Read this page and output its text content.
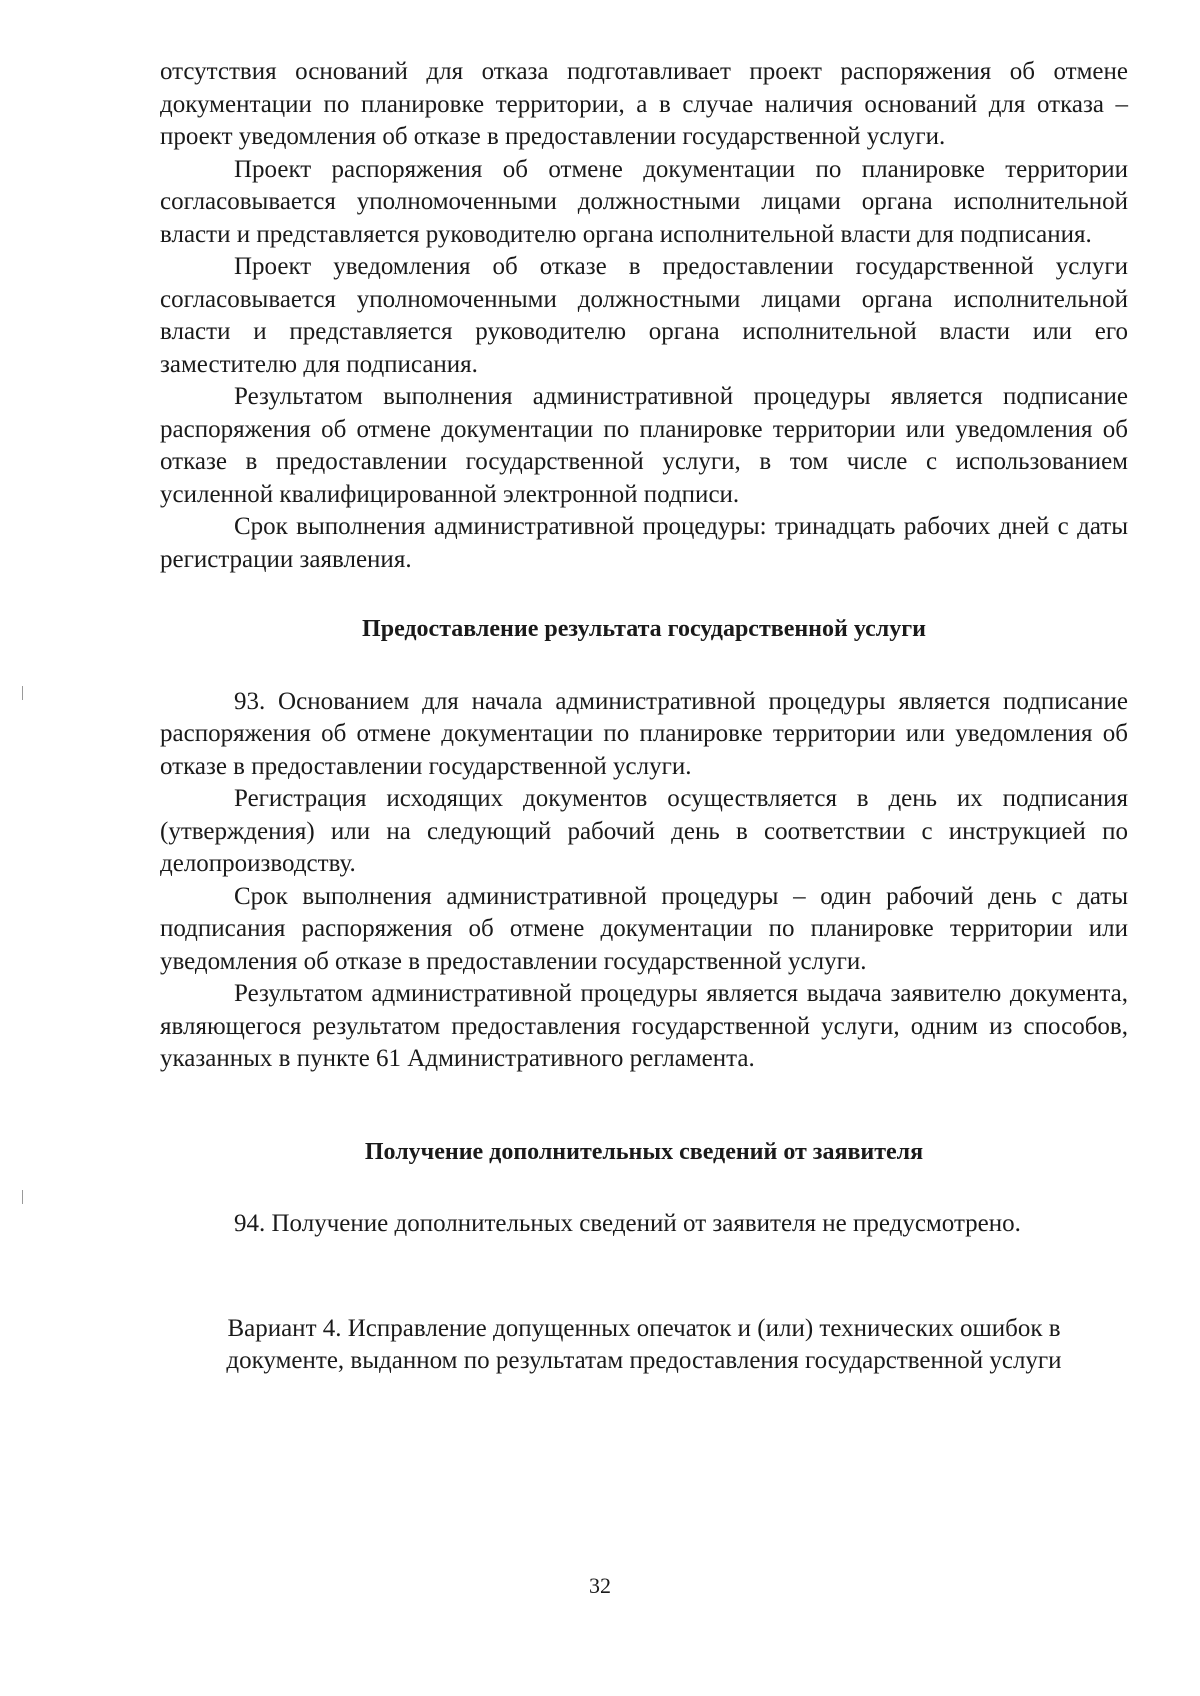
отсутствия оснований для отказа подготавливает проект распоряжения об отмене документации по планировке территории, а в случае наличия оснований для отказа – проект уведомления об отказе в предоставлении государственной услуги.

Проект распоряжения об отмене документации по планировке территории согласовывается уполномоченными должностными лицами органа исполнительной власти и представляется руководителю органа исполнительной власти для подписания.

Проект уведомления об отказе в предоставлении государственной услуги согласовывается уполномоченными должностными лицами органа исполнительной власти и представляется руководителю органа исполнительной власти или его заместителю для подписания.

Результатом выполнения административной процедуры является подписание распоряжения об отмене документации по планировке территории или уведомления об отказе в предоставлении государственной услуги, в том числе с использованием усиленной квалифицированной электронной подписи.

Срок выполнения административной процедуры: тринадцать рабочих дней с даты регистрации заявления.

Предоставление результата государственной услуги

93. Основанием для начала административной процедуры является подписание распоряжения об отмене документации по планировке территории или уведомления об отказе в предоставлении государственной услуги.

Регистрация исходящих документов осуществляется в день их подписания (утверждения) или на следующий рабочий день в соответствии с инструкцией по делопроизводству.

Срок выполнения административной процедуры – один рабочий день с даты подписания распоряжения об отмене документации по планировке территории или уведомления об отказе в предоставлении государственной услуги.

Результатом административной процедуры является выдача заявителю документа, являющегося результатом предоставления государственной услуги, одним из способов, указанных в пункте 61 Административного регламента.

Получение дополнительных сведений от заявителя

94. Получение дополнительных сведений от заявителя не предусмотрено.

Вариант 4. Исправление допущенных опечаток и (или) технических ошибок в документе, выданном по результатам предоставления государственной услуги

32
